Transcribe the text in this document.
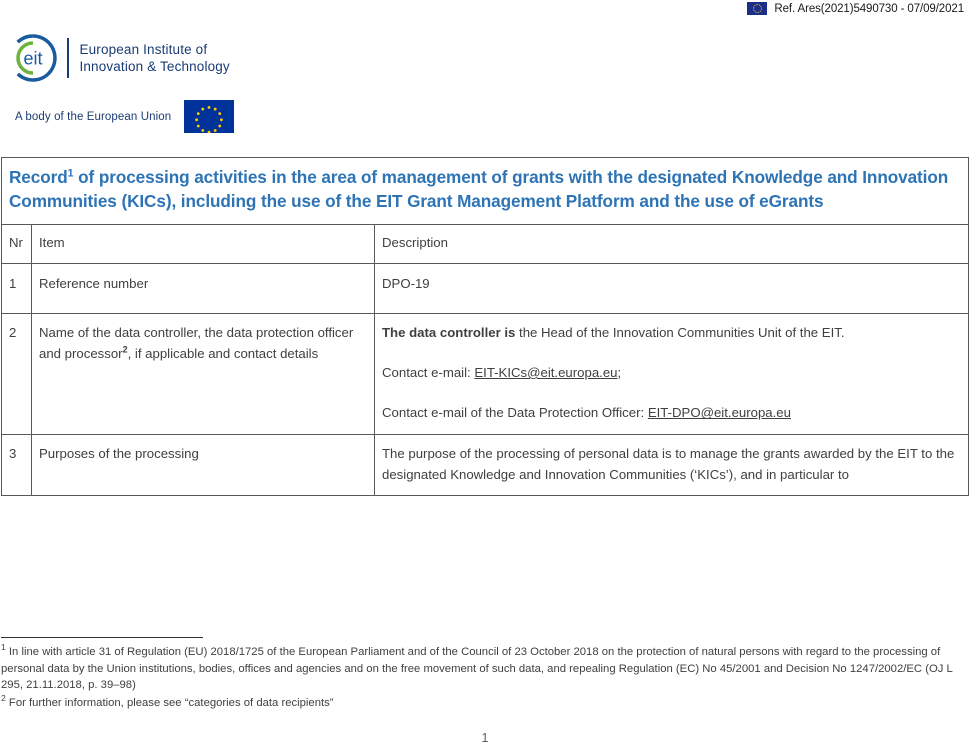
Ref. Ares(2021)5490730 - 07/09/2021
eit	European Institute of
Innovation & Technology
A body of the European Union
Record$^1$ of processing activities in the area of management of grants with the designated Knowledge and Innovation Communities (KICs), including the use of the EIT Grant Management Platform and the use of eGrants		
Nr	Item	Description
1	Reference number	DPO-19
2	Name of the data controller, the data protection officer and processor$^2$, if applicable and contact details	The data controller is the Head of the Innovation Communities Unit of the EIT.

Contact e-mail: EIT-KICs@eit.europa.eu;

Contact e-mail of the Data Protection Officer: EIT-DPO@eit.europa.eu

3	Purposes of the processing	The purpose of the processing of personal data is to manage the grants awarded by the EIT to the designated Knowledge and Innovation Communities (‘KICs’), and in particular to

$^1$ In line with article 31 of Regulation (EU) 2018/1725 of the European Parliament and of the Council of 23 October 2018 on the protection of natural persons with regard to the processing of personal data by the Union institutions, bodies, offices and agencies and on the free movement of such data, and repealing Regulation (EC) No 45/2001 and Decision No 1247/2002/EC (OJ L 295, 21.11.2018, p. 39–98)

$^2$ For further information, please see “categories of data recipients”

1
